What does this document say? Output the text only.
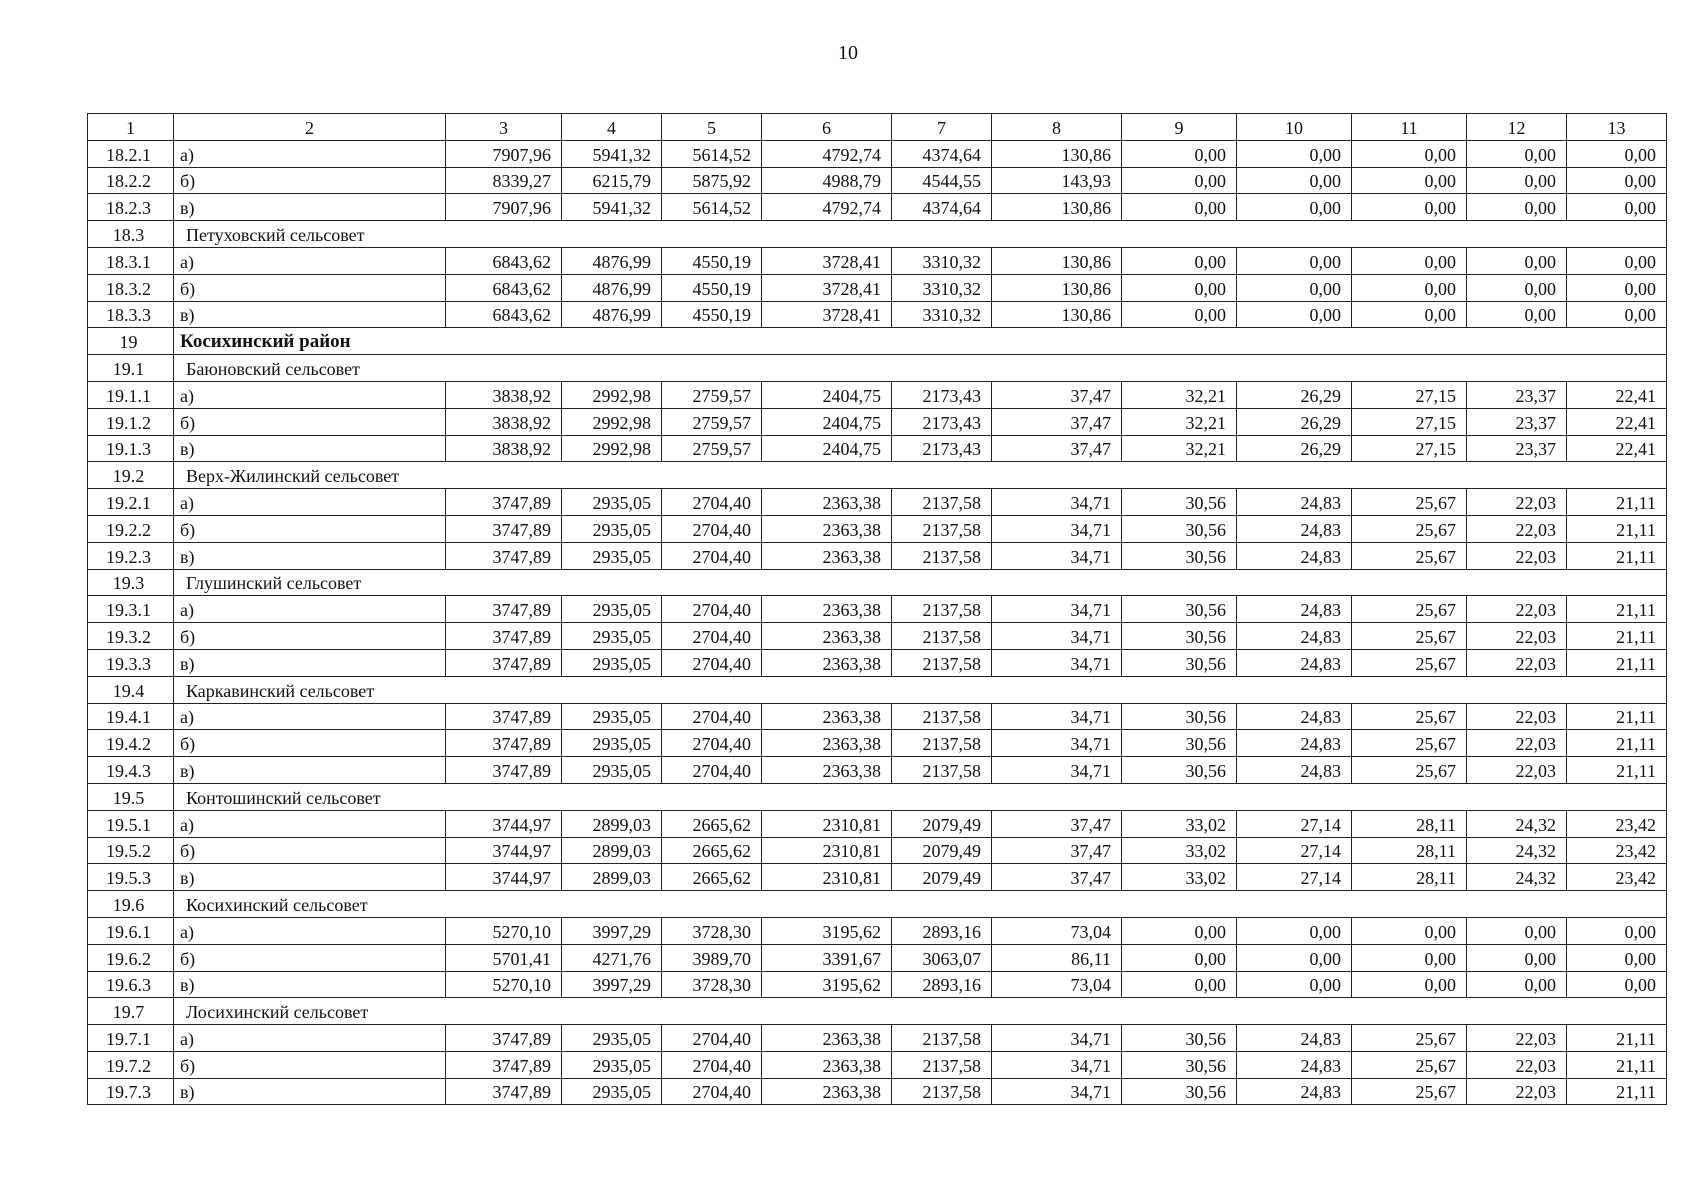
10
1	2	3	4	5	6	7	8	9	10	11	12	13
18.2.1	а)	7907,96	5941,32	5614,52	4792,74	4374,64	130,86	0,00	0,00	0,00	0,00	0,00
18.2.2	б)	8339,27	6215,79	5875,92	4988,79	4544,55	143,93	0,00	0,00	0,00	0,00	0,00
18.2.3	в)	7907,96	5941,32	5614,52	4792,74	4374,64	130,86	0,00	0,00	0,00	0,00	0,00
18.3	Петуховский сельсовет											
18.3.1	а)	6843,62	4876,99	4550,19	3728,41	3310,32	130,86	0,00	0,00	0,00	0,00	0,00
18.3.2	б)	6843,62	4876,99	4550,19	3728,41	3310,32	130,86	0,00	0,00	0,00	0,00	0,00
18.3.3	в)	6843,62	4876,99	4550,19	3728,41	3310,32	130,86	0,00	0,00	0,00	0,00	0,00
19	Косихинский район											
19.1	Баюновский сельсовет											
19.1.1	а)	3838,92	2992,98	2759,57	2404,75	2173,43	37,47	32,21	26,29	27,15	23,37	22,41
19.1.2	б)	3838,92	2992,98	2759,57	2404,75	2173,43	37,47	32,21	26,29	27,15	23,37	22,41
19.1.3	в)	3838,92	2992,98	2759,57	2404,75	2173,43	37,47	32,21	26,29	27,15	23,37	22,41
19.2	Верх-Жилинский сельсовет											
19.2.1	а)	3747,89	2935,05	2704,40	2363,38	2137,58	34,71	30,56	24,83	25,67	22,03	21,11
19.2.2	б)	3747,89	2935,05	2704,40	2363,38	2137,58	34,71	30,56	24,83	25,67	22,03	21,11
19.2.3	в)	3747,89	2935,05	2704,40	2363,38	2137,58	34,71	30,56	24,83	25,67	22,03	21,11
19.3	Глушинский сельсовет											
19.3.1	а)	3747,89	2935,05	2704,40	2363,38	2137,58	34,71	30,56	24,83	25,67	22,03	21,11
19.3.2	б)	3747,89	2935,05	2704,40	2363,38	2137,58	34,71	30,56	24,83	25,67	22,03	21,11
19.3.3	в)	3747,89	2935,05	2704,40	2363,38	2137,58	34,71	30,56	24,83	25,67	22,03	21,11
19.4	Каркавинский сельсовет											
19.4.1	а)	3747,89	2935,05	2704,40	2363,38	2137,58	34,71	30,56	24,83	25,67	22,03	21,11
19.4.2	б)	3747,89	2935,05	2704,40	2363,38	2137,58	34,71	30,56	24,83	25,67	22,03	21,11
19.4.3	в)	3747,89	2935,05	2704,40	2363,38	2137,58	34,71	30,56	24,83	25,67	22,03	21,11
19.5	Контошинский сельсовет											
19.5.1	а)	3744,97	2899,03	2665,62	2310,81	2079,49	37,47	33,02	27,14	28,11	24,32	23,42
19.5.2	б)	3744,97	2899,03	2665,62	2310,81	2079,49	37,47	33,02	27,14	28,11	24,32	23,42
19.5.3	в)	3744,97	2899,03	2665,62	2310,81	2079,49	37,47	33,02	27,14	28,11	24,32	23,42
19.6	Косихинский сельсовет											
19.6.1	а)	5270,10	3997,29	3728,30	3195,62	2893,16	73,04	0,00	0,00	0,00	0,00	0,00
19.6.2	б)	5701,41	4271,76	3989,70	3391,67	3063,07	86,11	0,00	0,00	0,00	0,00	0,00
19.6.3	в)	5270,10	3997,29	3728,30	3195,62	2893,16	73,04	0,00	0,00	0,00	0,00	0,00
19.7	Лосихинский сельсовет											
19.7.1	а)	3747,89	2935,05	2704,40	2363,38	2137,58	34,71	30,56	24,83	25,67	22,03	21,11
19.7.2	б)	3747,89	2935,05	2704,40	2363,38	2137,58	34,71	30,56	24,83	25,67	22,03	21,11
19.7.3	в)	3747,89	2935,05	2704,40	2363,38	2137,58	34,71	30,56	24,83	25,67	22,03	21,11
